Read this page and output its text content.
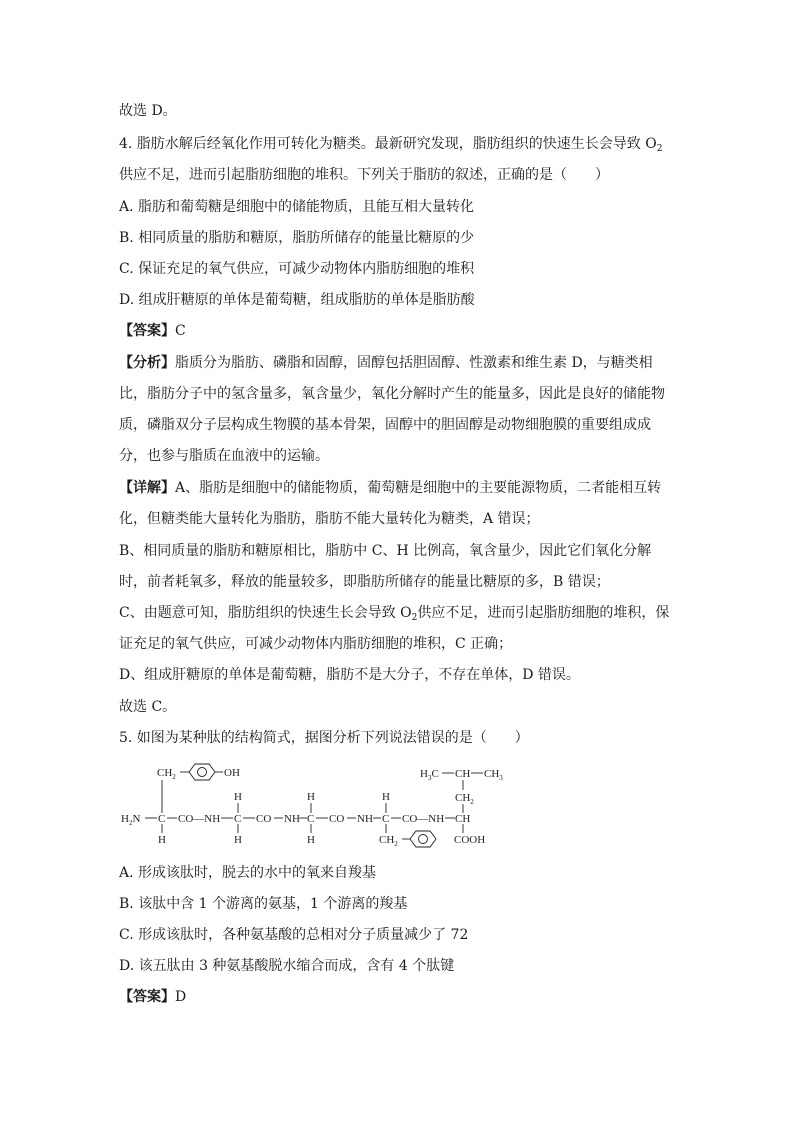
故选 D。
4. 脂肪水解后经氧化作用可转化为糖类。最新研究发现，脂肪组织的快速生长会导致 $O_2$
供应不足，进而引起脂肪细胞的堆积。下列关于脂肪的叙述，正确的是（　　）
A. 脂肪和葡萄糖是细胞中的储能物质，且能互相大量转化
B. 相同质量的脂肪和糖原，脂肪所储存的能量比糖原的少
C. 保证充足的氧气供应，可减少动物体内脂肪细胞的堆积
D. 组成肝糖原的单体是葡萄糖，组成脂肪的单体是脂肪酸
【答案】C
【分析】脂质分为脂肪、磷脂和固醇，固醇包括胆固醇、性激素和维生素 D，与糖类相
比，脂肪分子中的氢含量多，氧含量少，氧化分解时产生的能量多，因此是良好的储能物
质，磷脂双分子层构成生物膜的基本骨架，固醇中的胆固醇是动物细胞膜的重要组成成
分，也参与脂质在血液中的运输。
【详解】A、脂肪是细胞中的储能物质，葡萄糖是细胞中的主要能源物质，二者能相互转
化，但糖类能大量转化为脂肪，脂肪不能大量转化为糖类，A 错误；
B、相同质量的脂肪和糖原相比，脂肪中 C、H 比例高，氧含量少，因此它们氧化分解
时，前者耗氧多，释放的能量较多，即脂肪所储存的能量比糖原的多，B 错误；
C、由题意可知，脂肪组织的快速生长会导致 $O_2$供应不足，进而引起脂肪细胞的堆积，保
证充足的氧气供应，可减少动物体内脂肪细胞的堆积，C 正确；
D、组成肝糖原的单体是葡萄糖，脂肪不是大分子，不存在单体，D 错误。
故选 C。
5. 如图为某种肽的结构简式，据图分析下列说法错误的是（　　）
$CH_2$	OH	$H_3C$ CH $CH_3$
$CH_2$
H	H	H
$H_2N$ C CO—NH C CO NH C CO NH C CO—NH CH
H	H	H	$CH_2$	COOH
A. 形成该肽时，脱去的水中的氧来自羧基
B. 该肽中含 1 个游离的氨基，1 个游离的羧基
C. 形成该肽时，各种氨基酸的总相对分子质量减少了 72
D. 该五肽由 3 种氨基酸脱水缩合而成，含有 4 个肽键
【答案】D
